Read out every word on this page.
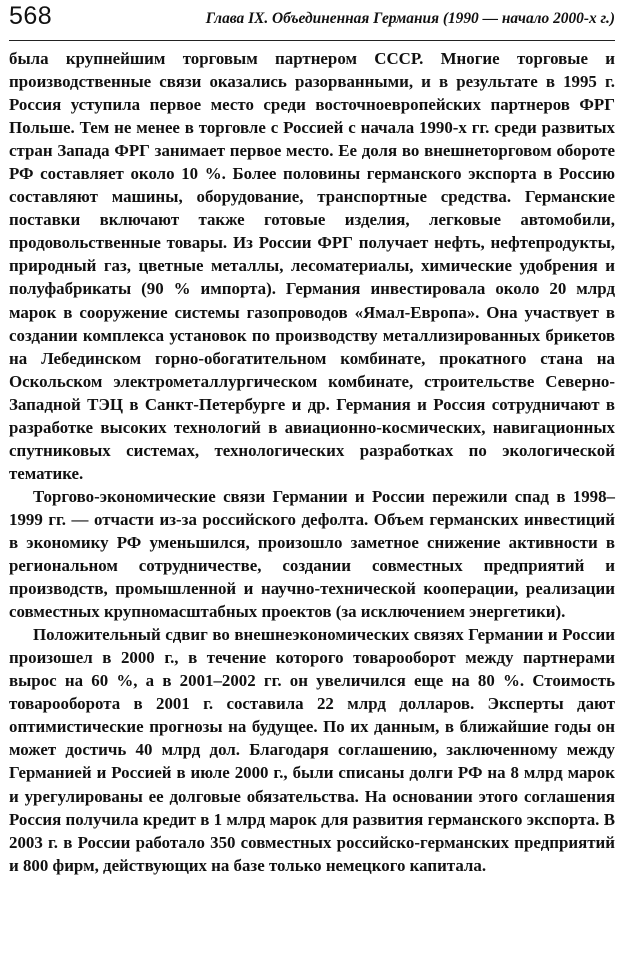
568	Глава IX. Объединенная Германия (1990 — начало 2000-х г.)

была крупнейшим торговым партнером СССР. Многие торговые и производственные связи оказались разорванными, и в результате в 1995 г. Россия уступила первое место среди восточноевропейских партнеров ФРГ Польше. Тем не менее в торговле с Россией с начала 1990-х гг. среди развитых стран Запада ФРГ занимает первое место. Ее доля во внешнеторговом обороте РФ составляет около 10 %. Более половины германского экспорта в Россию составляют машины, оборудование, транспортные средства. Германские поставки включают также готовые изделия, легковые автомобили, продовольственные товары. Из России ФРГ получает нефть, нефтепродукты, природный газ, цветные металлы, лесоматериалы, химические удобрения и полуфабрикаты (90 % импорта). Германия инвестировала около 20 млрд марок в сооружение системы газопроводов «Ямал-Европа». Она участвует в создании комплекса установок по производству металлизированных брикетов на Лебединском горно-обогатительном комбинате, прокатного стана на Оскольском электрометаллургическом комбинате, строительстве Северно-Западной ТЭЦ в Санкт-Петербурге и др. Германия и Россия сотрудничают в разработке высоких технологий в авиационно-космических, навигационных спутниковых системах, технологических разработках по экологической тематике.

Торгово-экономические связи Германии и России пережили спад в 1998–1999 гг. — отчасти из-за российского дефолта. Объем германских инвестиций в экономику РФ уменьшился, произошло заметное снижение активности в региональном сотрудничестве, создании совместных предприятий и производств, промышленной и научно-технической кооперации, реализации совместных крупномасштабных проектов (за исключением энергетики).

Положительный сдвиг во внешнеэкономических связях Германии и России произошел в 2000 г., в течение которого товарооборот между партнерами вырос на 60 %, а в 2001–2002 гг. он увеличился еще на 80 %. Стоимость товарооборота в 2001 г. составила 22 млрд долларов. Эксперты дают оптимистические прогнозы на будущее. По их данным, в ближайшие годы он может достичь 40 млрд дол. Благодаря соглашению, заключенному между Германией и Россией в июле 2000 г., были списаны долги РФ на 8 млрд марок и урегулированы ее долговые обязательства. На основании этого соглашения Россия получила кредит в 1 млрд марок для развития германского экспорта. В 2003 г. в России работало 350 совместных российско-германских предприятий и 800 фирм, действующих на базе только немецкого капитала.
